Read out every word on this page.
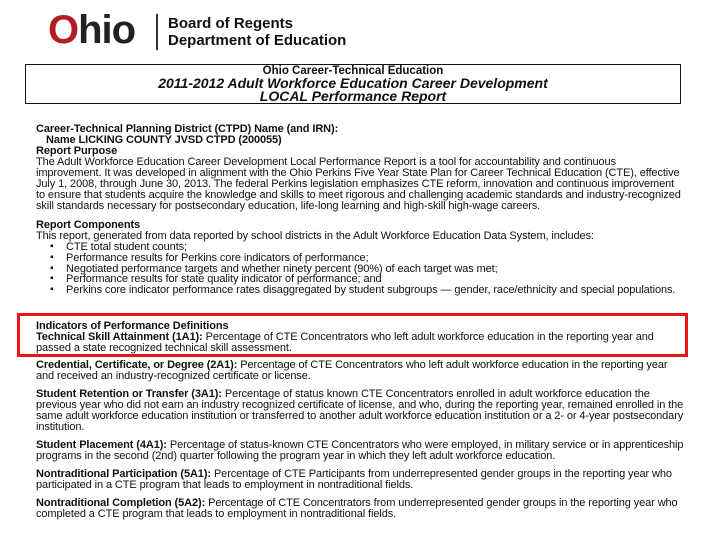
Ohio Board of Regents
Department of Education
Ohio Career-Technical Education
2011-2012 Adult Workforce Education Career Development
LOCAL Performance Report

Career-Technical Planning District (CTPD) Name (and IRN):

Name LICKING COUNTY JVSD CTPD (200055)

Report Purpose

The Adult Workforce Education Career Development Local Performance Report is a tool for accountability and continuous improvement. It was developed in alignment with the Ohio Perkins Five Year State Plan for Career Technical Education (CTE), effective July 1, 2008, through June 30, 2013. The federal Perkins legislation emphasizes CTE reform, innovation and continuous improvement to ensure that students acquire the knowledge and skills to meet rigorous and challenging academic standards and industry-recognized skill standards necessary for postsecondary education, life-long learning and high-skill high-wage careers.

Report Components

This report, generated from data reported by school districts in the Adult Workforce Education Data System, includes:

▪ CTE total student counts;
▪ Performance results for Perkins core indicators of performance;
▪ Negotiated performance targets and whether ninety percent (90%) of each target was met;
▪ Performance results for state quality indicator of performance; and
▪ Perkins core indicator performance rates disaggregated by student subgroups — gender, race/ethnicity and special populations.

Indicators of Performance Definitions

Technical Skill Attainment (1A1): Percentage of CTE Concentrators who left adult workforce education in the reporting year and passed a state recognized technical skill assessment.

Credential, Certificate, or Degree (2A1): Percentage of CTE Concentrators who left adult workforce education in the reporting year and received an industry-recognized certificate or license.

Student Retention or Transfer (3A1): Percentage of status known CTE Concentrators enrolled in adult workforce education the previous year who did not earn an industry recognized certificate of license, and who, during the reporting year, remained enrolled in the same adult workforce education institution or transferred to another adult workforce education institution or a 2- or 4-year postsecondary institution.

Student Placement (4A1): Percentage of status-known CTE Concentrators who were employed, in military service or in apprenticeship programs in the second (2nd) quarter following the program year in which they left adult workforce education.

Nontraditional Participation (5A1): Percentage of CTE Participants from underrepresented gender groups in the reporting year who participated in a CTE program that leads to employment in nontraditional fields.

Nontraditional Completion (5A2): Percentage of CTE Concentrators from underrepresented gender groups in the reporting year who completed a CTE program that leads to employment in nontraditional fields.
